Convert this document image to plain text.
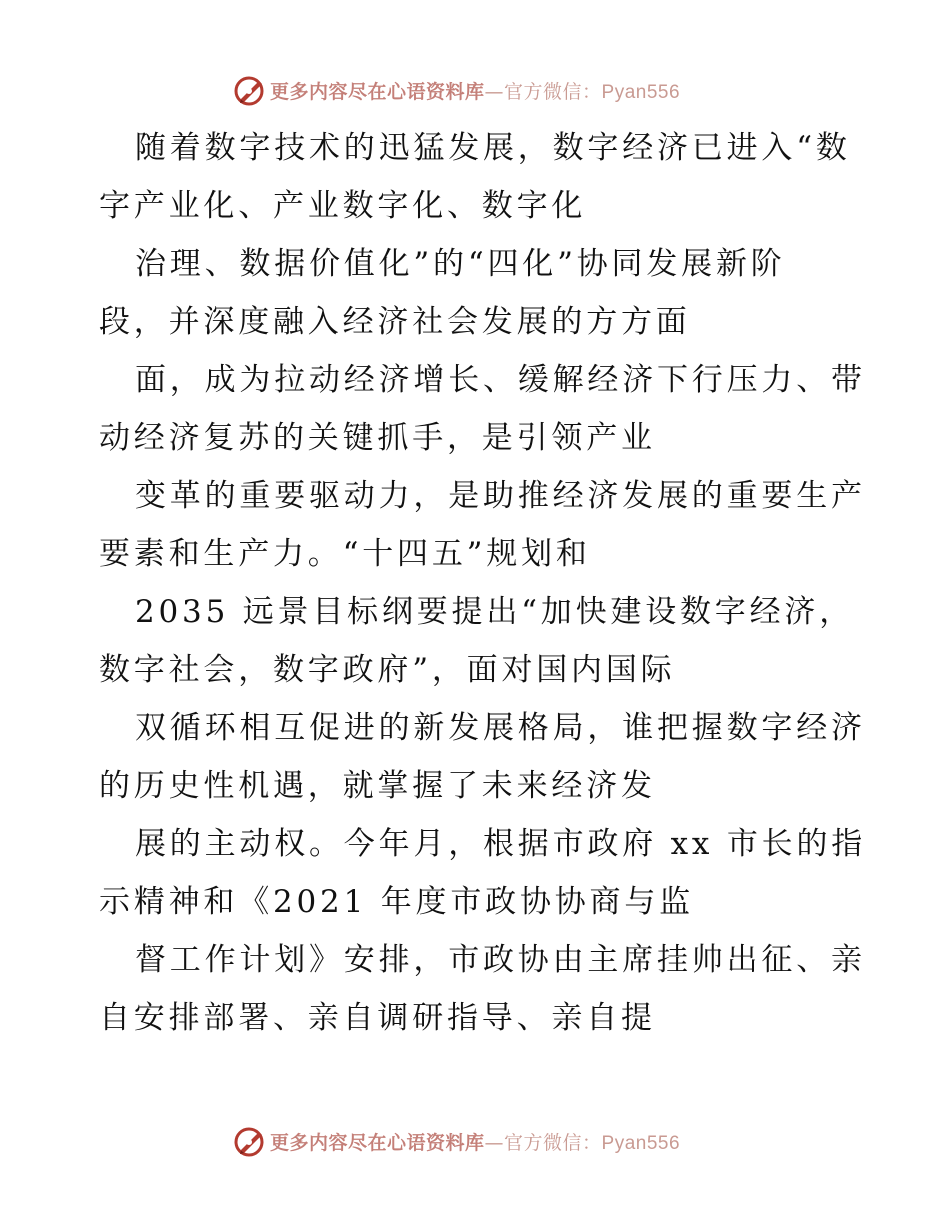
更多内容尽在心语资料库—官方微信：Pyan556
随着数字技术的迅猛发展，数字经济已进入“数
字产业化、产业数字化、数字化
治理、数据价值化”的“四化”协同发展新阶
段，并深度融入经济社会发展的方方面
面，成为拉动经济增长、缓解经济下行压力、带
动经济复苏的关键抓手，是引领产业
变革的重要驱动力，是助推经济发展的重要生产
要素和生产力。“十四五”规划和
2035 远景目标纲要提出“加快建设数字经济，
数字社会，数字政府”，面对国内国际
双循环相互促进的新发展格局，谁把握数字经济
的历史性机遇，就掌握了未来经济发
展的主动权。今年月，根据市政府 xx 市长的指
示精神和《2021 年度市政协协商与监
督工作计划》安排，市政协由主席挂帅出征、亲
自安排部署、亲自调研指导、亲自提
更多内容尽在心语资料库—官方微信：Pyan556
